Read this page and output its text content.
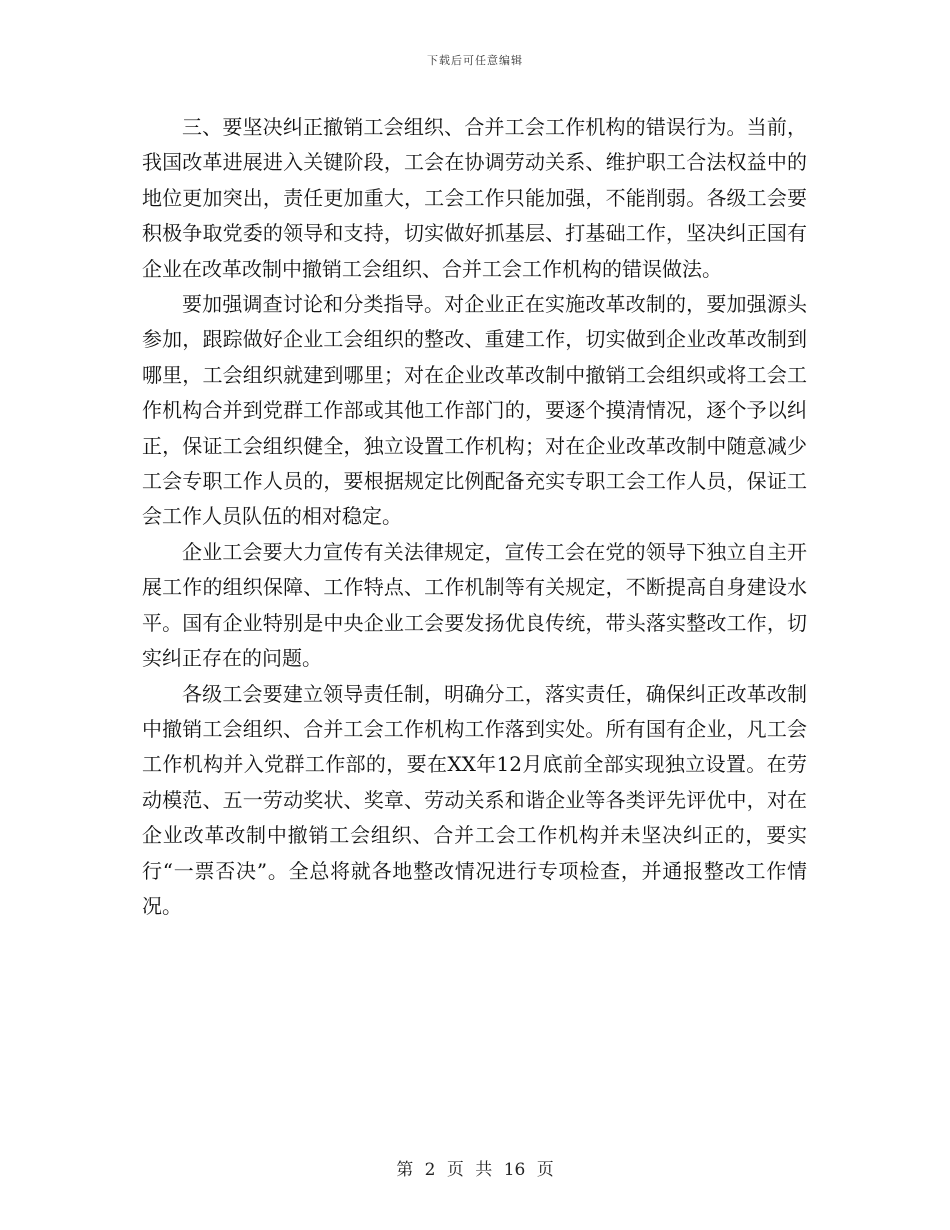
下载后可任意编辑

三、要坚决纠正撤销工会组织、合并工会工作机构的错误行为。当前，我国改革进展进入关键阶段，工会在协调劳动关系、维护职工合法权益中的地位更加突出，责任更加重大，工会工作只能加强，不能削弱。各级工会要积极争取党委的领导和支持，切实做好抓基层、打基础工作，坚决纠正国有企业在改革改制中撤销工会组织、合并工会工作机构的错误做法。

要加强调查讨论和分类指导。对企业正在实施改革改制的，要加强源头参加，跟踪做好企业工会组织的整改、重建工作，切实做到企业改革改制到哪里，工会组织就建到哪里；对在企业改革改制中撤销工会组织或将工会工作机构合并到党群工作部或其他工作部门的，要逐个摸清情况，逐个予以纠正，保证工会组织健全，独立设置工作机构；对在企业改革改制中随意减少工会专职工作人员的，要根据规定比例配备充实专职工会工作人员，保证工会工作人员队伍的相对稳定。

企业工会要大力宣传有关法律规定，宣传工会在党的领导下独立自主开展工作的组织保障、工作特点、工作机制等有关规定，不断提高自身建设水平。国有企业特别是中央企业工会要发扬优良传统，带头落实整改工作，切实纠正存在的问题。

各级工会要建立领导责任制，明确分工，落实责任，确保纠正改革改制中撤销工会组织、合并工会工作机构工作落到实处。所有国有企业，凡工会工作机构并入党群工作部的，要在XX年12月底前全部实现独立设置。在劳动模范、五一劳动奖状、奖章、劳动关系和谐企业等各类评先评优中，对在企业改革改制中撤销工会组织、合并工会工作机构并未坚决纠正的，要实行“一票否决”。全总将就各地整改情况进行专项检查，并通报整改工作情况。

第 2 页 共 16 页
